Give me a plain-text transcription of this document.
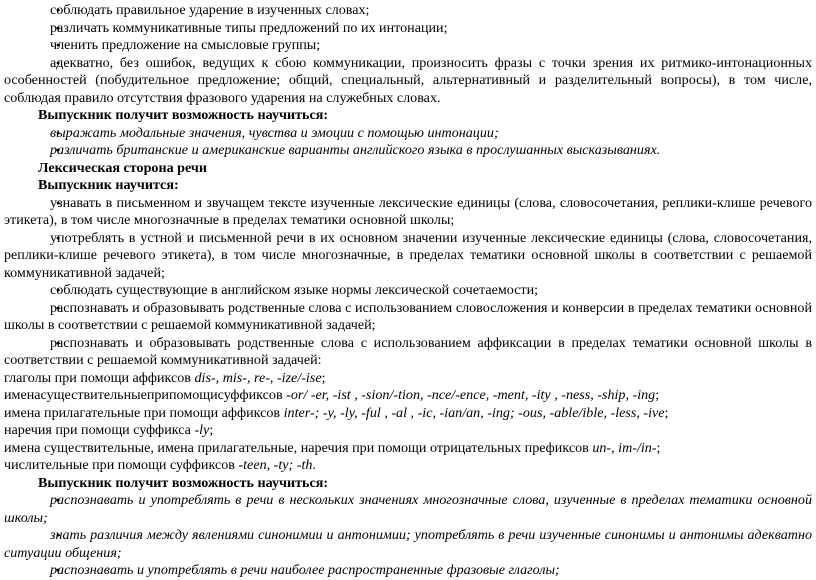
● соблюдать правильное ударение в изученных словах;
● различать коммуникативные типы предложений по их интонации;
● членить предложение на смысловые группы;
● адекватно, без ошибок, ведущих к сбою коммуникации, произносить фразы с точки зрения их ритмико-интонационных особенностей (побудительное предложение; общий, специальный, альтернативный и разделительный вопросы), в том числе, соблюдая правило отсутствия фразового ударения на служебных словах.
Выпускник получит возможность научиться:
● выражать модальные значения, чувства и эмоции с помощью интонации;
● различать британские и американские варианты английского языка в прослушанных высказываниях.
Лексическая сторона речи
Выпускник научится:
● узнавать в письменном и звучащем тексте изученные лексические единицы (слова, словосочетания, реплики-клише речевого этикета), в том числе многозначные в пределах тематики основной школы;
● употреблять в устной и письменной речи в их основном значении изученные лексические единицы (слова, словосочетания, реплики-клише речевого этикета), в том числе многозначные, в пределах тематики основной школы в соответствии с решаемой коммуникативной задачей;
● соблюдать существующие в английском языке нормы лексической сочетаемости;
● распознавать и образовывать родственные слова с использованием словосложения и конверсии в пределах тематики основной школы в соответствии с решаемой коммуникативной задачей;
● распознавать и образовывать родственные слова с использованием аффиксации в пределах тематики основной школы в соответствии с решаемой коммуникативной задачей:
глаголы при помощи аффиксов dis-, mis-, re-, -ize/-ise;
именасуществительныеприпомощисуффиксов -or/ -er, -ist , -sion/-tion, -nce/-ence, -ment, -ity , -ness, -ship, -ing;
имена прилагательные при помощи аффиксов inter-; -y, -ly, -ful , -al , -ic, -ian/an, -ing; -ous, -able/ible, -less, -ive;
наречия при помощи суффикса -ly;
имена существительные, имена прилагательные, наречия при помощи отрицательных префиксов un-, im-/in-;
числительные при помощи суффиксов -teen, -ty; -th.
Выпускник получит возможность научиться:
● распознавать и употреблять в речи в нескольких значениях многозначные слова, изученные в пределах тематики основной школы;
● знать различия между явлениями синонимии и антонимии; употреблять в речи изученные синонимы и антонимы адекватно ситуации общения;
● распознавать и употреблять в речи наиболее распространенные фразовые глаголы;
